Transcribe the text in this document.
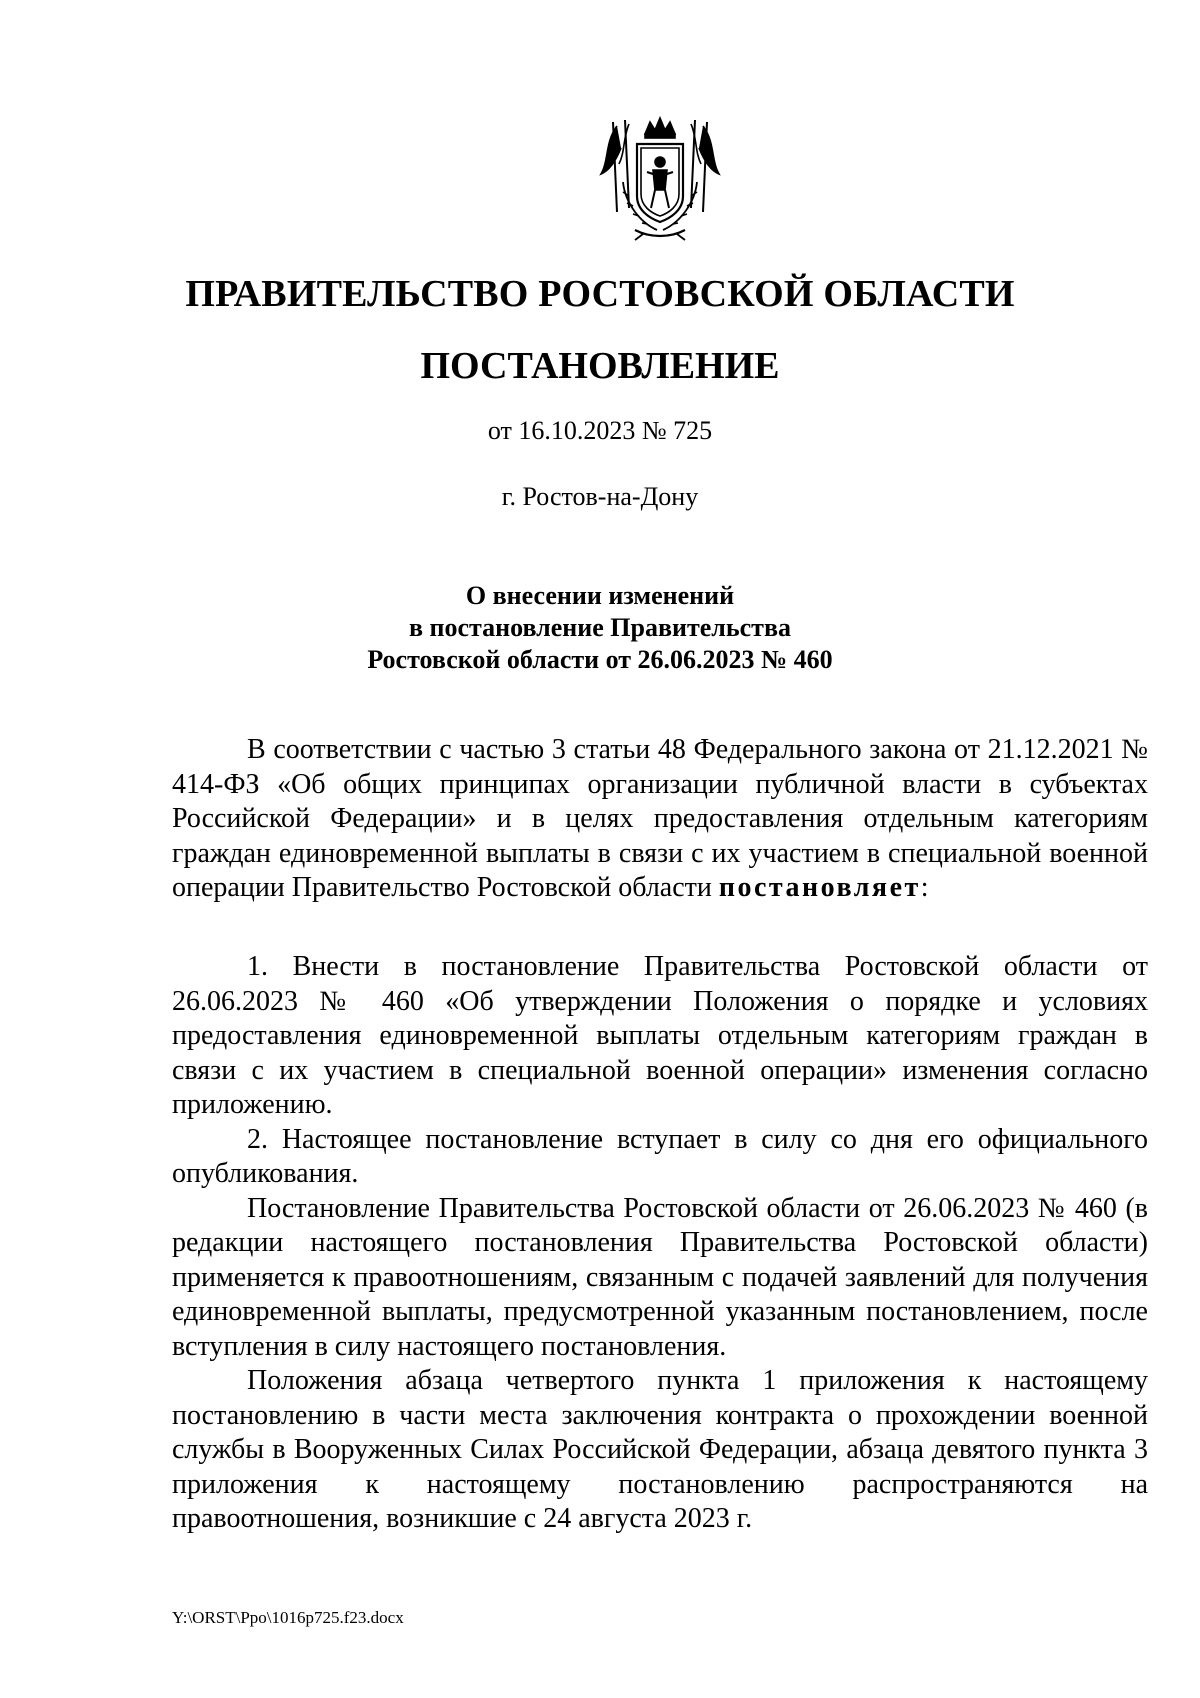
ПРАВИТЕЛЬСТВО РОСТОВСКОЙ ОБЛАСТИ
ПОСТАНОВЛЕНИЕ
от 16.10.2023 № 725
г. Ростов-на-Дону
О внесении изменений
в постановление Правительства
Ростовской области от 26.06.2023 № 460

В соответствии с частью 3 статьи 48 Федерального закона от 21.12.2021 № 414-ФЗ «Об общих принципах организации публичной власти в субъектах Российской Федерации» и в целях предоставления отдельным категориям граждан единовременной выплаты в связи с их участием в специальной военной операции Правительство Ростовской области постановляет:

1. Внести в постановление Правительства Ростовской области от 26.06.2023 № 460 «Об утверждении Положения о порядке и условиях предоставления единовременной выплаты отдельным категориям граждан в связи с их участием в специальной военной операции» изменения согласно приложению.

2. Настоящее постановление вступает в силу со дня его официального опубликования.

Постановление Правительства Ростовской области от 26.06.2023 № 460 (в редакции настоящего постановления Правительства Ростовской области) применяется к правоотношениям, связанным с подачей заявлений для получения единовременной выплаты, предусмотренной указанным постановлением, после вступления в силу настоящего постановления.

Положения абзаца четвертого пункта 1 приложения к настоящему постановлению в части места заключения контракта о прохождении военной службы в Вооруженных Силах Российской Федерации, абзаца девятого пункта 3 приложения к настоящему постановлению распространяются на правоотношения, возникшие с 24 августа 2023 г.

Y:\ORST\Ppo\1016p725.f23.docx
